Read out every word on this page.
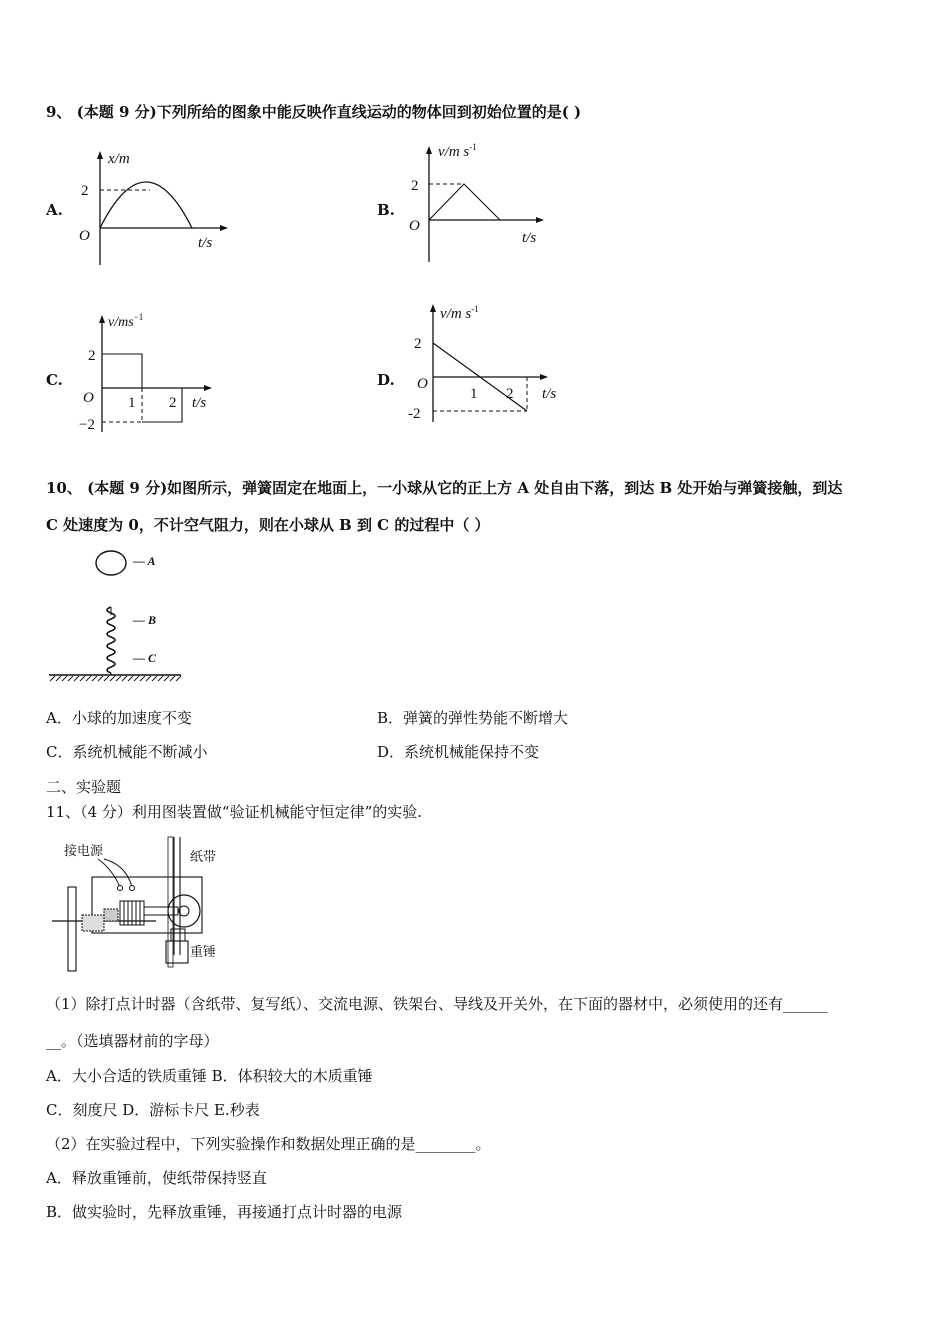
9、 (本题 9 分)下列所给的图象中能反映作直线运动的物体回到初始位置的是( )
A.	B.
C.	D.
x/m
2
O	t/s
v/m $s^{-1}$
2
O
t/s
$v/ms^{-1}$
2
O
−2
1 2 t/s
v/m $s^{-1}$
2
O
-2
1 2 t/s
10、 (本题 9 分)如图所示，弹簧固定在地面上，一小球从它的正上方 A 处自由下落，到达 B 处开始与弹簧接触，到达
C 处速度为 0，不计空气阻力，则在小球从 B 到 C 的过程中（ ）
— A
— B
— C
A．小球的加速度不变	B．弹簧的弹性势能不断增大
C．系统机械能不断减小	D．系统机械能保持不变
二、实验题
11、（4 分）利用图装置做“验证机械能守恒定律”的实验.
接电源	纸带
重锤
（1）除打点计时器（含纸带、复写纸）、交流电源、铁架台、导线及开关外，在下面的器材中，必须使用的还有______
__。（选填器材前的字母）
A．大小合适的铁质重锤 B．体积较大的木质重锤
C．刻度尺 D．游标卡尺 E.秒表
（2）在实验过程中，下列实验操作和数据处理正确的是________。
A．释放重锤前，使纸带保持竖直
B．做实验时，先释放重锤，再接通打点计时器的电源
